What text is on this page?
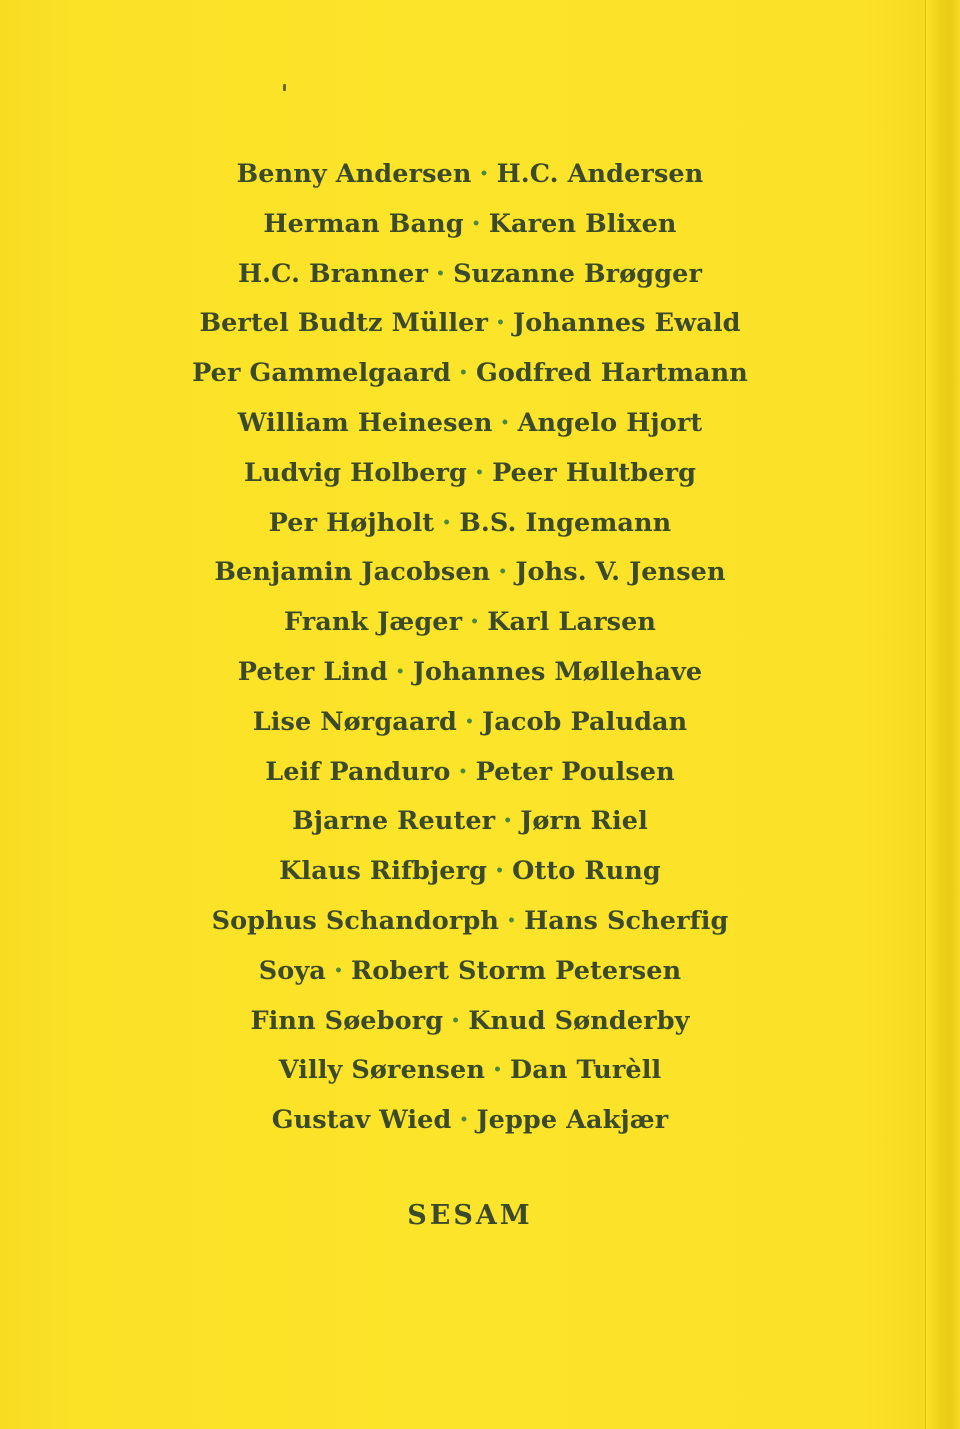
Benny Andersen • H.C. Andersen
Herman Bang • Karen Blixen
H.C. Branner • Suzanne Brøgger
Bertel Budtz Müller • Johannes Ewald
Per Gammelgaard • Godfred Hartmann
William Heinesen • Angelo Hjort
Ludvig Holberg • Peer Hultberg
Per Højholt • B.S. Ingemann
Benjamin Jacobsen • Johs. V. Jensen
Frank Jæger • Karl Larsen
Peter Lind • Johannes Møllehave
Lise Nørgaard • Jacob Paludan
Leif Panduro • Peter Poulsen
Bjarne Reuter • Jørn Riel
Klaus Rifbjerg • Otto Rung
Sophus Schandorph • Hans Scherfig
Soya • Robert Storm Petersen
Finn Søeborg • Knud Sønderby
Villy Sørensen • Dan Turèll
Gustav Wied • Jeppe Aakjær
SESAM
